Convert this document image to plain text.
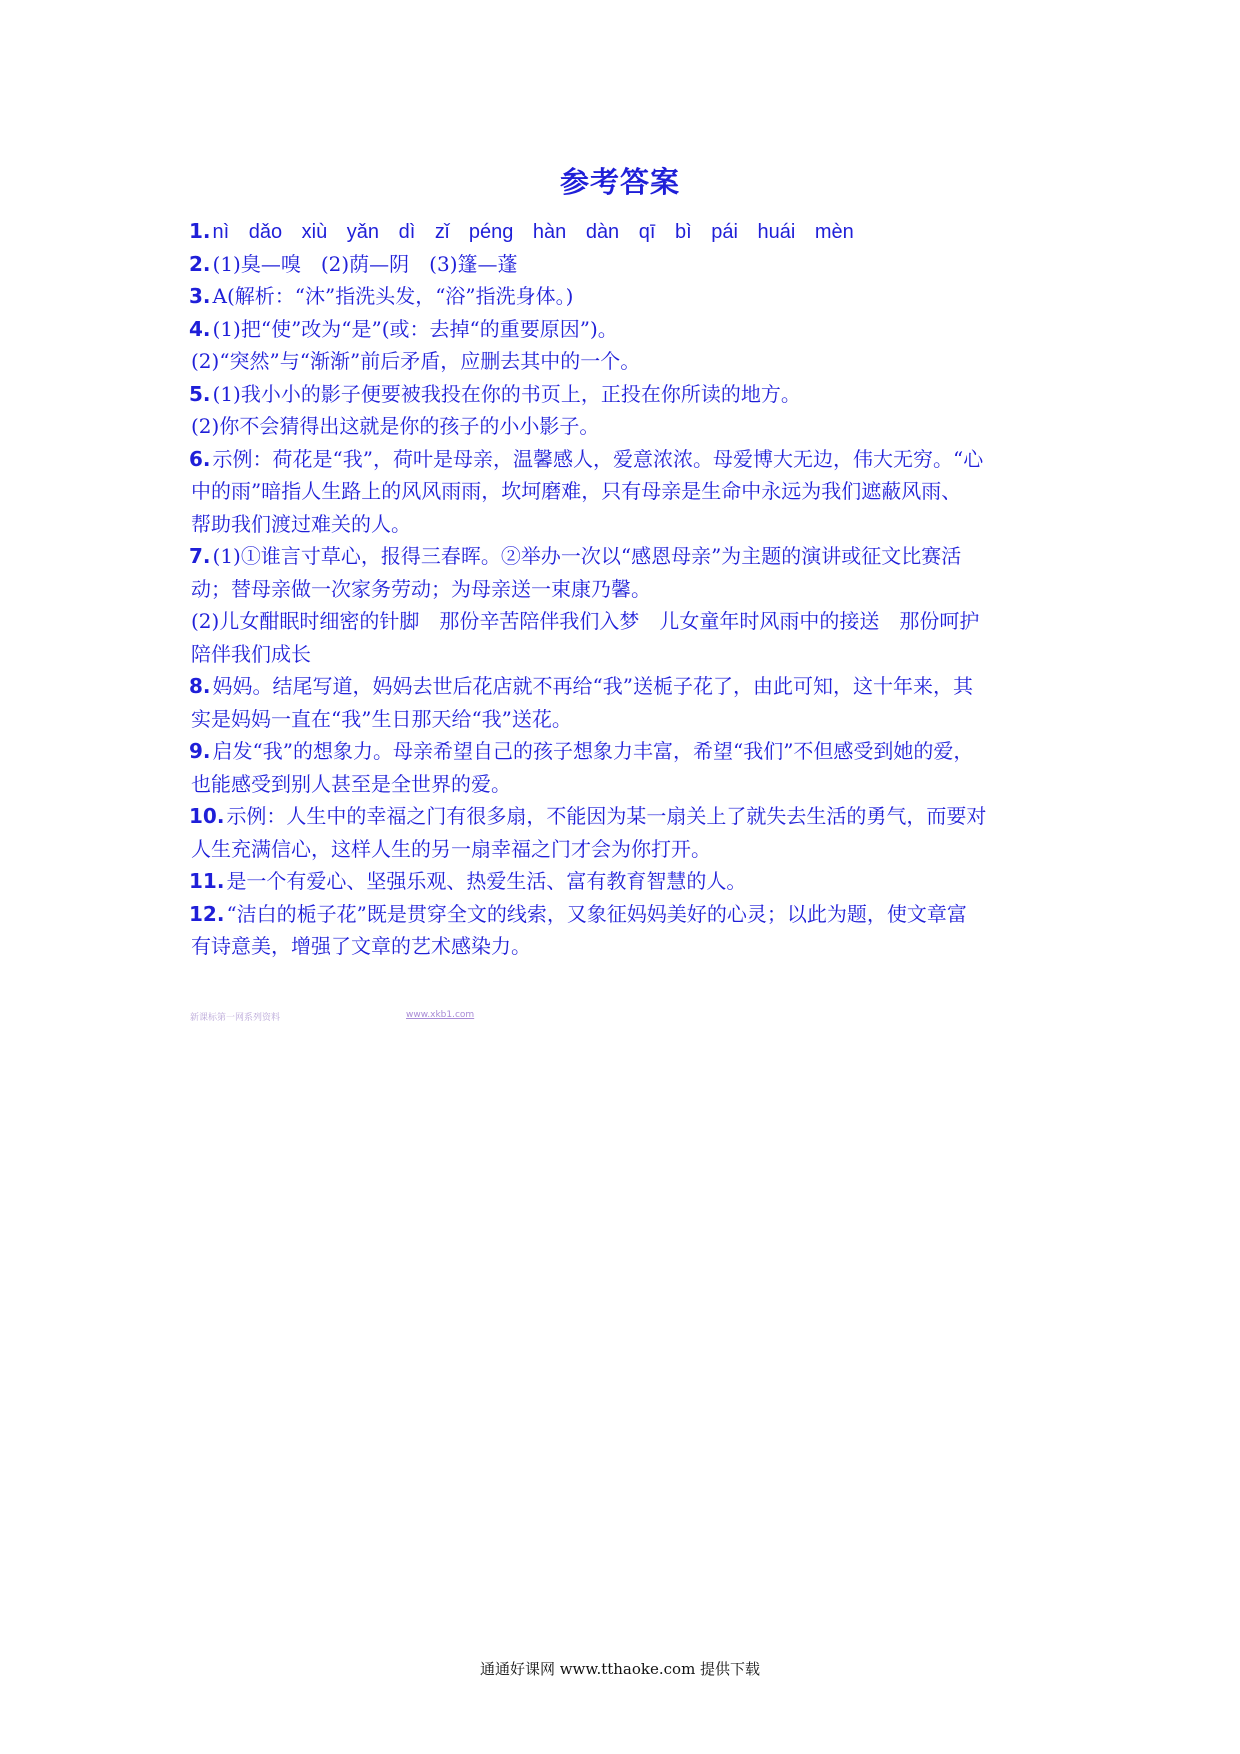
参考答案
1. nì dǎo xiù yǎn dì zǐ péng hàn dàn qī bì pái huái mèn
2. (1)臭—嗅　(2)荫—阴　(3)篷—蓬
3. A(解析：“沐”指洗头发，“浴”指洗身体。)
4. (1)把“使”改为“是”(或：去掉“的重要原因”)。
(2)“突然”与“渐渐”前后矛盾，应删去其中的一个。
5. (1)我小小的影子便要被我投在你的书页上，正投在你所读的地方。
(2)你不会猜得出这就是你的孩子的小小影子。
6. 示例：荷花是“我”，荷叶是母亲，温馨感人，爱意浓浓。母爱博大无边，伟大无穷。“心
中的雨”暗指人生路上的风风雨雨，坎坷磨难，只有母亲是生命中永远为我们遮蔽风雨、
帮助我们渡过难关的人。
7. (1)①谁言寸草心，报得三春晖。②举办一次以“感恩母亲”为主题的演讲或征文比赛活
动；替母亲做一次家务劳动；为母亲送一束康乃馨。
(2)儿女酣眠时细密的针脚　那份辛苦陪伴我们入梦　儿女童年时风雨中的接送　那份呵护
陪伴我们成长
8. 妈妈。结尾写道，妈妈去世后花店就不再给“我”送栀子花了，由此可知，这十年来，其
实是妈妈一直在“我”生日那天给“我”送花。
9. 启发“我”的想象力。母亲希望自己的孩子想象力丰富，希望“我们”不但感受到她的爱，
也能感受到别人甚至是全世界的爱。
10. 示例：人生中的幸福之门有很多扇，不能因为某一扇关上了就失去生活的勇气，而要对
人生充满信心，这样人生的另一扇幸福之门才会为你打开。
11. 是一个有爱心、坚强乐观、热爱生活、富有教育智慧的人。
12. “洁白的栀子花”既是贯穿全文的线索，又象征妈妈美好的心灵；以此为题，使文章富
有诗意美，增强了文章的艺术感染力。
新课标第一网系列资料	www.xkb1.com
通通好课网 www.tthaoke.com 提供下载
